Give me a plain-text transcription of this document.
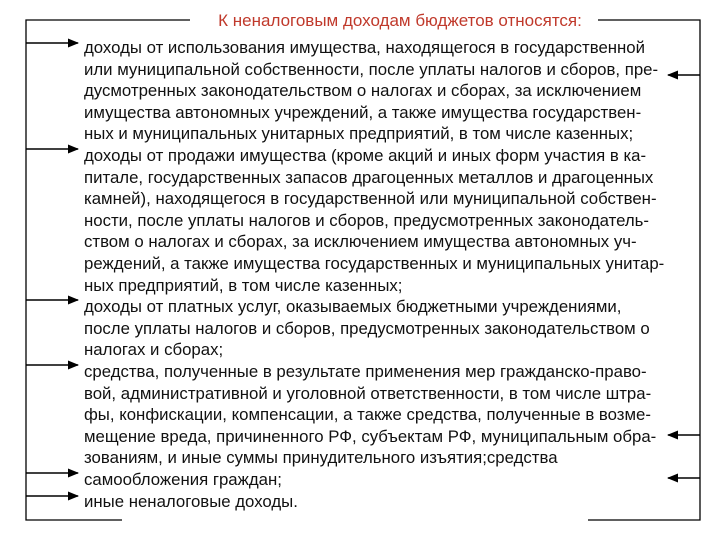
К неналоговым доходам бюджетов относятся:
доходы от использования имущества, находящегося в государственной
или муниципальной собственности, после уплаты налогов и сборов, пре-
дусмотренных законодательством о налогах и сборах, за исключением
имущества автономных учреждений, а также имущества государствен-
ных и муниципальных унитарных предприятий, в том числе казенных;
доходы от продажи имущества (кроме акций и иных форм участия в ка-
питале, государственных запасов драгоценных металлов и драгоценных
камней), находящегося в государственной или муниципальной собствен-
ности, после уплаты налогов и сборов, предусмотренных законодатель-
ством о налогах и сборах, за исключением имущества автономных уч-
реждений, а также имущества государственных и муниципальных унитар-
ных предприятий, в том числе казенных;
доходы от платных услуг, оказываемых бюджетными учреждениями,
после уплаты налогов и сборов, предусмотренных законодательством о
налогах и сборах;
средства, полученные в результате применения мер гражданско-право-
вой, административной и уголовной ответственности, в том числе штра-
фы, конфискации, компенсации, а также средства, полученные в возме-
мещение вреда, причиненного РФ, субъектам РФ, муниципальным обра-
зованиям, и иные суммы принудительного изъятия;средства
самообложения граждан;
иные неналоговые доходы.
